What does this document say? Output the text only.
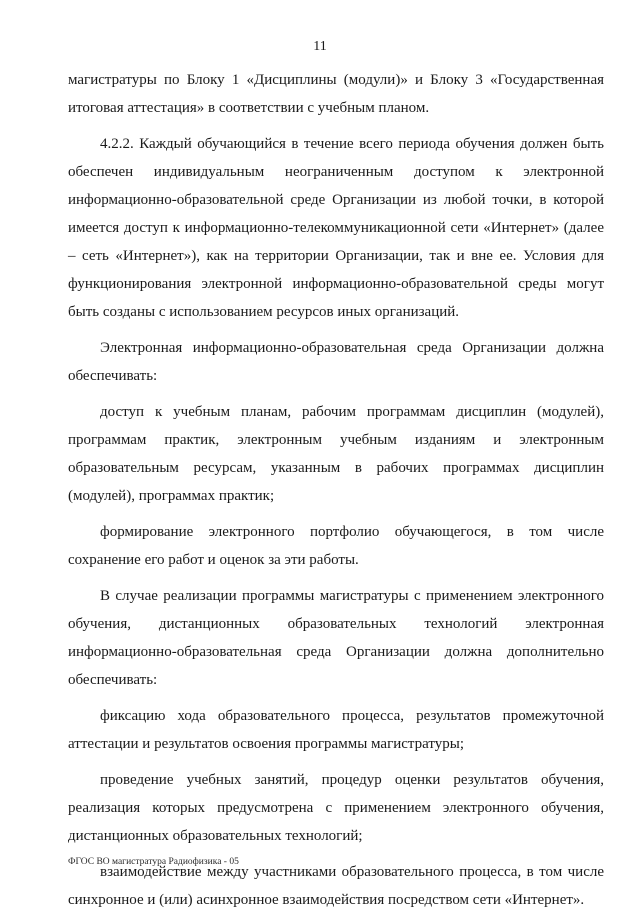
11

магистратуры по Блоку 1 «Дисциплины (модули)» и Блоку 3 «Государственная итоговая аттестация» в соответствии с учебным планом.

4.2.2. Каждый обучающийся в течение всего периода обучения должен быть обеспечен индивидуальным неограниченным доступом к электронной информационно-образовательной среде Организации из любой точки, в которой имеется доступ к информационно-телекоммуникационной сети «Интернет» (далее – сеть «Интернет»), как на территории Организации, так и вне ее. Условия для функционирования электронной информационно-образовательной среды могут быть созданы с использованием ресурсов иных организаций.

Электронная информационно-образовательная среда Организации должна обеспечивать:

доступ к учебным планам, рабочим программам дисциплин (модулей), программам практик, электронным учебным изданиям и электронным образовательным ресурсам, указанным в рабочих программах дисциплин (модулей), программах практик;

формирование электронного портфолио обучающегося, в том числе сохранение его работ и оценок за эти работы.

В случае реализации программы магистратуры с применением электронного обучения, дистанционных образовательных технологий электронная информационно-образовательная среда Организации должна дополнительно обеспечивать:

фиксацию хода образовательного процесса, результатов промежуточной аттестации и результатов освоения программы магистратуры;

проведение учебных занятий, процедур оценки результатов обучения, реализация которых предусмотрена с применением электронного обучения, дистанционных образовательных технологий;

взаимодействие между участниками образовательного процесса, в том числе синхронное и (или) асинхронное взаимодействия посредством сети «Интернет».

ФГОС ВО магистратура Радиофизика - 05
